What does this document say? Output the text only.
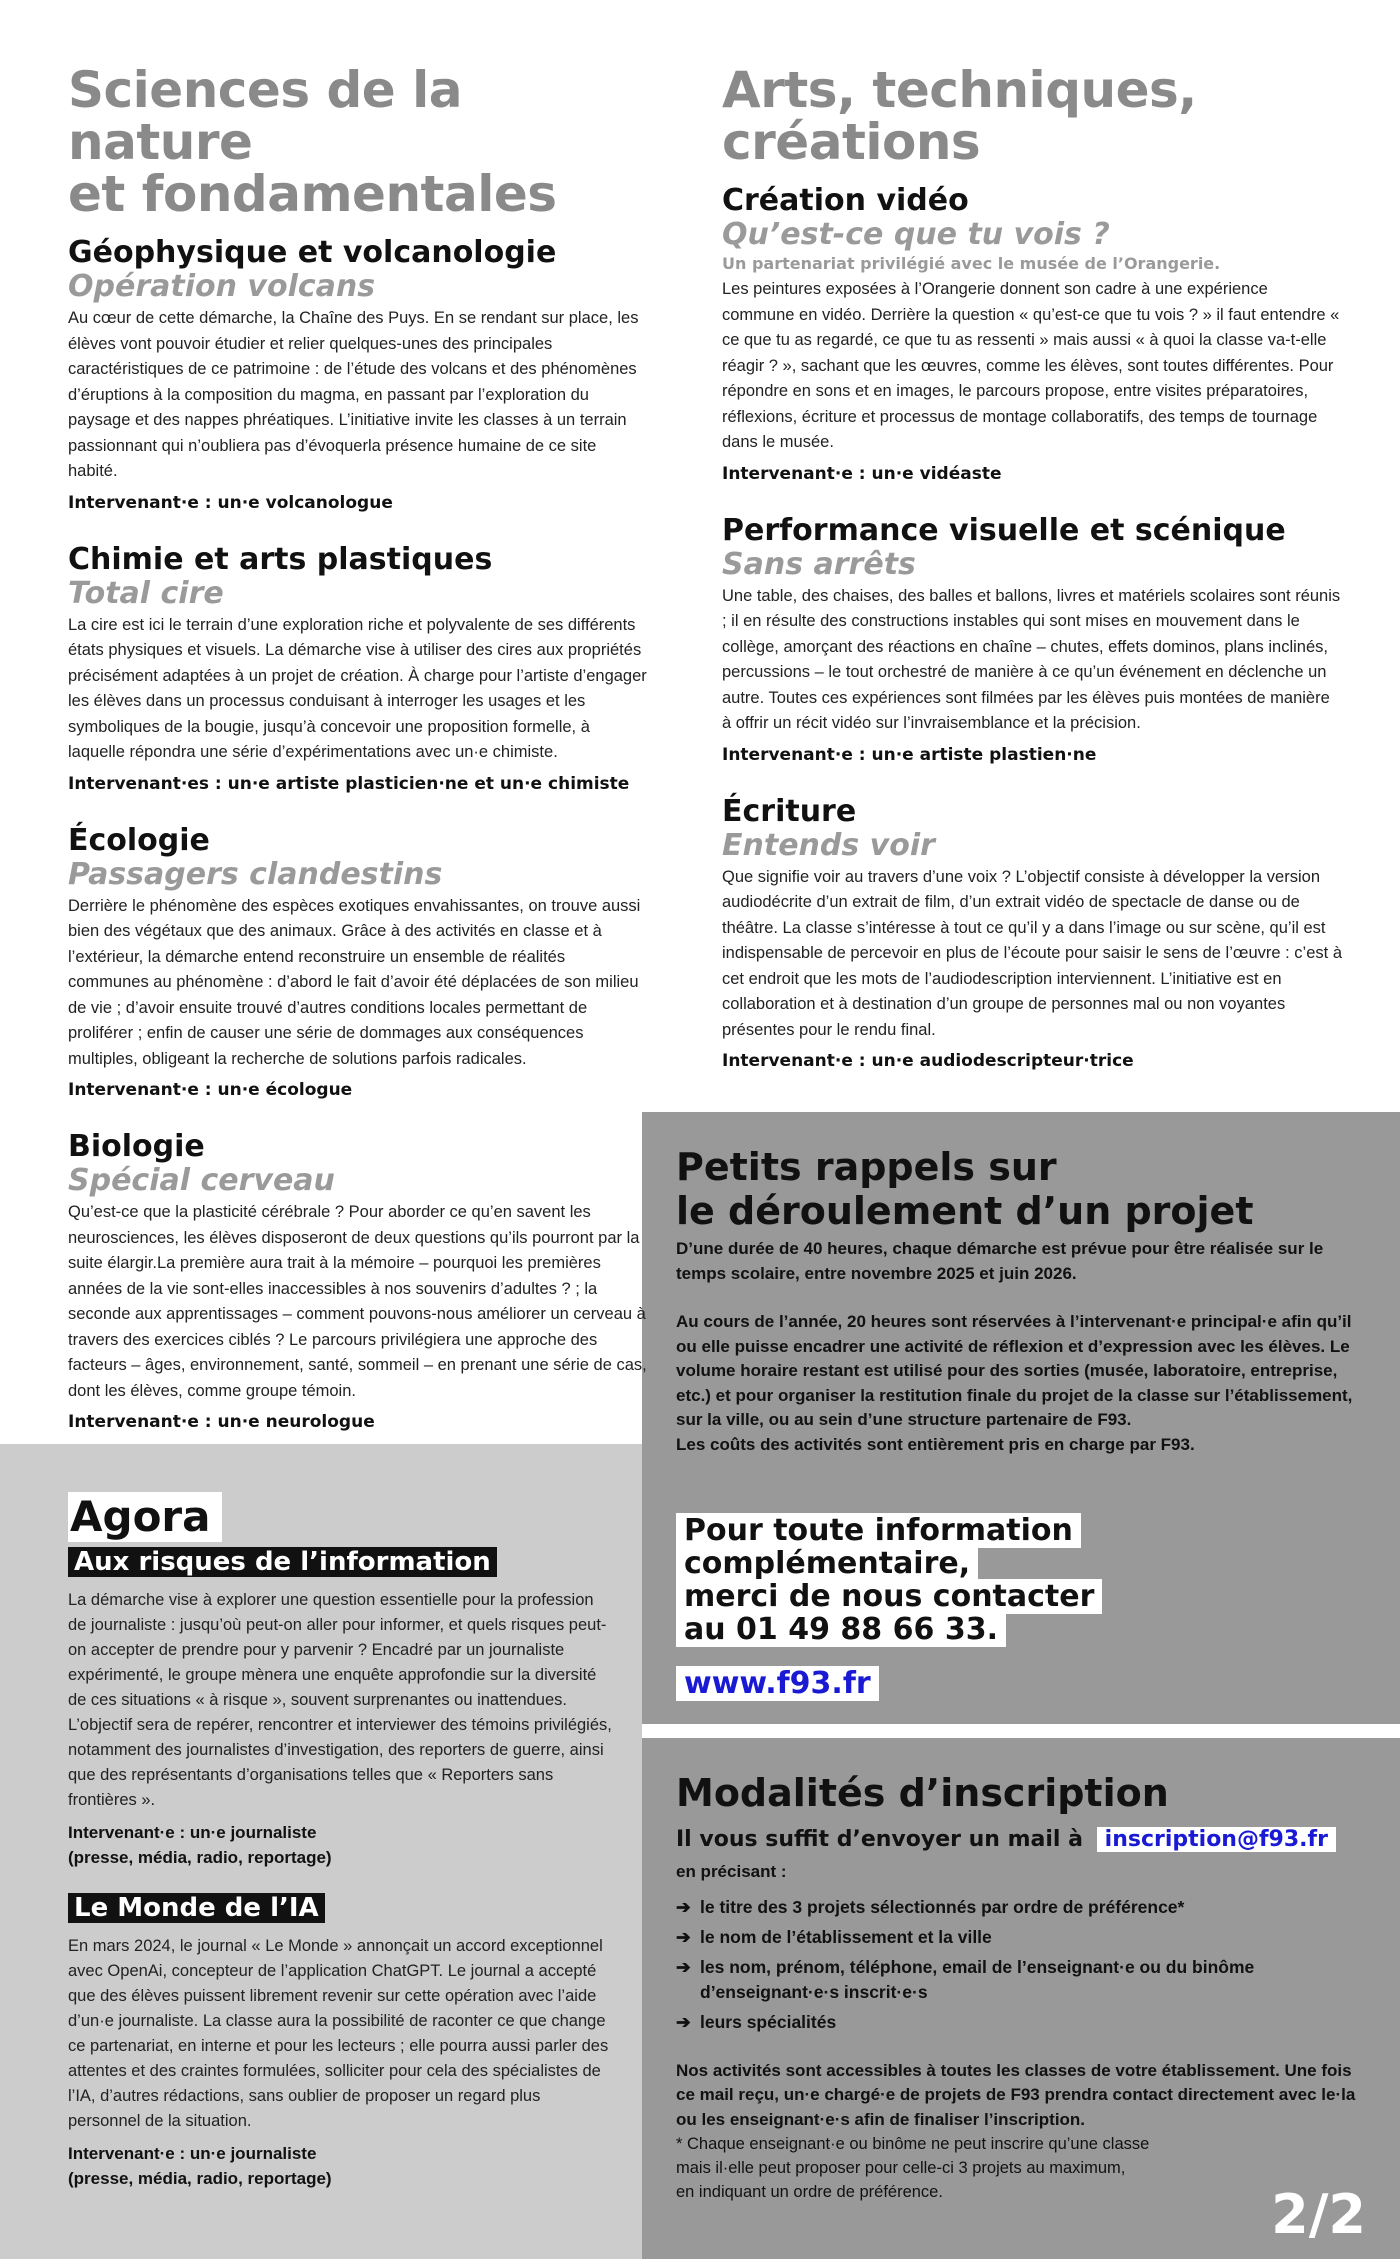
Sciences de la nature
et fondamentales
Géophysique et volcanologie
Opération volcans

Au cœur de cette démarche, la Chaîne des Puys. En se rendant sur place, les élèves vont pouvoir étudier et relier quelques-unes des principales caractéristiques de ce patrimoine : de l’étude des volcans et des phénomènes d’éruptions à la composition du magma, en passant par l’exploration du paysage et des nappes phréatiques. L’initiative invite les classes à un terrain passionnant qui n’oubliera pas d’évoquerla présence humaine de ce site habité.

Intervenant·e : un·e volcanologue
Chimie et arts plastiques
Total cire

La cire est ici le terrain d’une exploration riche et polyvalente de ses différents états physiques et visuels. La démarche vise à utiliser des cires aux propriétés précisément adaptées à un projet de création. À charge pour l’artiste d’engager les élèves dans un processus conduisant à interroger les usages et les symboliques de la bougie, jusqu’à concevoir une proposition formelle, à laquelle répondra une série d’expérimentations avec un·e chimiste.

Intervenant·es : un·e artiste plasticien·ne et un·e chimiste
Écologie
Passagers clandestins

Derrière le phénomène des espèces exotiques envahissantes, on trouve aussi bien des végétaux que des animaux. Grâce à des activités en classe et à l’extérieur, la démarche entend reconstruire un ensemble de réalités communes au phénomène : d’abord le fait d’avoir été déplacées de son milieu de vie ; d’avoir ensuite trouvé d’autres conditions locales permettant de proliférer ; enfin de causer une série de dommages aux conséquences multiples, obligeant la recherche de solutions parfois radicales.

Intervenant·e : un·e écologue
Biologie
Spécial cerveau

Qu’est-ce que la plasticité cérébrale ? Pour aborder ce qu’en savent les neurosciences, les élèves disposeront de deux questions qu’ils pourront par la suite élargir.La première aura trait à la mémoire – pourquoi les premières années de la vie sont-elles inaccessibles à nos souvenirs d’adultes ? ; la seconde aux apprentissages – comment pouvons-nous améliorer un cerveau à travers des exercices ciblés ? Le parcours privilégiera une approche des facteurs – âges, environnement, santé, sommeil – en prenant une série de cas, dont les élèves, comme groupe témoin.

Intervenant·e : un·e neurologue
Arts, techniques,
créations
Création vidéo
Qu’est-ce que tu vois ?
Un partenariat privilégié avec le musée de l’Orangerie.

Les peintures exposées à l’Orangerie donnent son cadre à une expérience commune en vidéo. Derrière la question « qu’est-ce que tu vois ? » il faut entendre « ce que tu as regardé, ce que tu as ressenti » mais aussi « à quoi la classe va-t-elle réagir ? », sachant que les œuvres, comme les élèves, sont toutes différentes. Pour répondre en sons et en images, le parcours propose, entre visites préparatoires, réflexions, écriture et processus de montage collaboratifs, des temps de tournage dans le musée.

Intervenant·e : un·e vidéaste
Performance visuelle et scénique
Sans arrêts

Une table, des chaises, des balles et ballons, livres et matériels scolaires sont réunis ; il en résulte des constructions instables qui sont mises en mouvement dans le collège, amorçant des réactions en chaîne – chutes, effets dominos, plans inclinés, percussions – le tout orchestré de manière à ce qu’un événement en déclenche un autre. Toutes ces expériences sont filmées par les élèves puis montées de manière à offrir un récit vidéo sur l’invraisemblance et la précision.

Intervenant·e : un·e artiste plastien·ne
Écriture
Entends voir

Que signifie voir au travers d’une voix ? L’objectif consiste à développer la version audiodécrite d’un extrait de film, d’un extrait vidéo de spectacle de danse ou de théâtre. La classe s’intéresse à tout ce qu’il y a dans l’image ou sur scène, qu’il est indispensable de percevoir en plus de l’écoute pour saisir le sens de l’œuvre : c’est à cet endroit que les mots de l’audiodescription interviennent. L’initiative est en collaboration et à destination d’un groupe de personnes mal ou non voyantes présentes pour le rendu final.

Intervenant·e : un·e audiodescripteur·trice
Agora
Aux risques de l’information

La démarche vise à explorer une question essentielle pour la profession de journaliste : jusqu’où peut-on aller pour informer, et quels risques peut-on accepter de prendre pour y parvenir ? Encadré par un journaliste expérimenté, le groupe mènera une enquête approfondie sur la diversité de ces situations « à risque », souvent surprenantes ou inattendues. L’objectif sera de repérer, rencontrer et interviewer des témoins privilégiés, notamment des journalistes d’investigation, des reporters de guerre, ainsi que des représentants d’organisations telles que « Reporters sans frontières ».

Intervenant·e : un·e journaliste
(presse, média, radio, reportage)

Le Monde de l’IA

En mars 2024, le journal « Le Monde » annonçait un accord exceptionnel avec OpenAi, concepteur de l’application ChatGPT. Le journal a accepté que des élèves puissent librement revenir sur cette opération avec l’aide d’un·e journaliste. La classe aura la possibilité de raconter ce que change ce partenariat, en interne et pour les lecteurs ; elle pourra aussi parler des attentes et des craintes formulées, solliciter pour cela des spécialistes de l’IA, d’autres rédactions, sans oublier de proposer un regard plus personnel de la situation.

Intervenant·e : un·e journaliste
(presse, média, radio, reportage)

Petits rappels sur
le déroulement d’un projet

D’une durée de 40 heures, chaque démarche est prévue pour être réalisée sur le temps scolaire, entre novembre 2025 et juin 2026.

Au cours de l’année, 20 heures sont réservées à l’intervenant·e principal·e afin qu’il ou elle puisse encadrer une activité de réflexion et d’expression avec les élèves. Le volume horaire restant est utilisé pour des sorties (musée, laboratoire, entreprise, etc.) et pour organiser la restitution finale du projet de la classe sur l’établissement, sur la ville, ou au sein d’une structure partenaire de F93.

Les coûts des activités sont entièrement pris en charge par F93.

Pour toute information
complémentaire,
merci de nous contacter
au 01 49 88 66 33.

www.f93.fr
Modalités d’inscription
Il vous suffit d’envoyer un mail à inscription@f93.fr

en précisant :

➔ le titre des 3 projets sélectionnés par ordre de préférence*
➔ le nom de l’établissement et la ville
➔ les nom, prénom, téléphone, email de l’enseignant·e ou du binôme d’enseignant·e·s inscrit·e·s
➔ leurs spécialités

Nos activités sont accessibles à toutes les classes de votre établissement. Une fois ce mail reçu, un·e chargé·e de projets de F93 prendra contact directement avec le·la ou les enseignant·e·s afin de finaliser l’inscription.

* Chaque enseignant·e ou binôme ne peut inscrire qu’une classe
mais il·elle peut proposer pour celle-ci 3 projets au maximum,
en indiquant un ordre de préférence.	2/2
